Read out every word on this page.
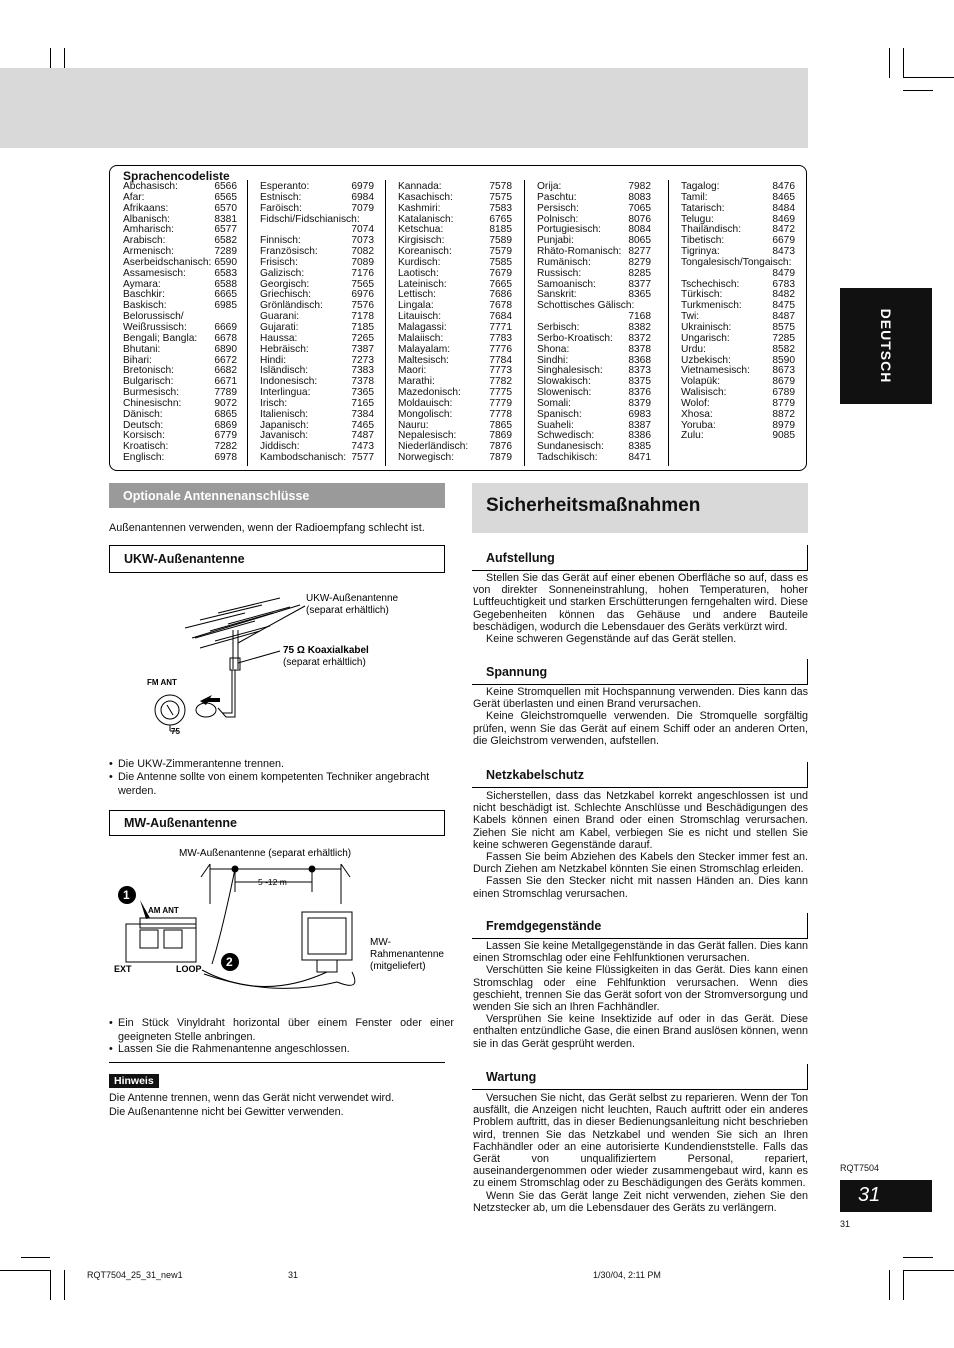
Sprachencodeliste
Abchasisch:	6566
Afar:	6565
Afrikaans:	6570
Albanisch:	8381
Amharisch:	6577
Arabisch:	6582
Armenisch:	7289
Aserbeidschanisch: 6590
Assamesisch:	6583
Aymara:	6588
Baschkir:	6665
Baskisch:	6985
Belorussisch/
Weißrussisch:	6669
Bengali; Bangla: 6678
Bhutani:	6890
Bihari:	6672
Bretonisch:	6682
Bulgarisch:	6671
Burmesisch:	7789
Chinesischn:	9072
Dänisch:	6865
Deutsch:	6869
Korsisch:	6779
Kroatisch:	7282
Englisch:	6978
Esperanto:	6979
Estnisch:	6984
Faröisch:	7079
Fidschi/Fidschianisch:
7074
Finnisch:	7073
Französisch:	7082
Frisisch:	7089
Galizisch:	7176
Georgisch:	7565
Griechisch:	6976
Grönländisch:	7576
Guarani:	7178
Gujarati:	7185
Haussa:	7265
Hebräisch:	7387
Hindi:	7273
Isländisch:	7383
Indonesisch:	7378
Interlingua:	7365
Irisch:	7165
Italienisch:	7384
Japanisch:	7465
Javanisch:	7487
Jiddisch:	7473
Kambodschanisch: 7577
Kannada:	7578
Kasachisch:	7575
Kashmiri:	7583
Katalanisch:	6765
Ketschua:	8185
Kirgisisch:	7589
Koreanisch:	7579
Kurdisch:	7585
Laotisch:	7679
Lateinisch:	7665
Lettisch:	7686
Lingala:	7678
Litauisch:	7684
Malagassi:	7771
Malaiisch:	7783
Malayalam:	7776
Maltesisch:	7784
Maori:	7773
Marathi:	7782
Mazedonisch:	7775
Moldauisch:	7779
Mongolisch:	7778
Nauru:	7865
Nepalesisch:	7869
Niederländisch: 7876
Norwegisch:	7879
Orija:	7982
Paschtu:	8083
Persisch:	7065
Polnisch:	8076
Portugiesisch:	8084
Punjabi:	8065
Rhäto-Romanisch: 8277
Rumänisch:	8279
Russisch:	8285
Samoanisch:	8377
Sanskrit:	8365
Schottisches Gälisch:
7168
Serbisch:	8382
Serbo-Kroatisch: 8372
Shona:	8378
Sindhi:	8368
Singhalesisch:	8373
Slowakisch:	8375
Slowenisch:	8376
Somali:	8379
Spanisch:	6983
Suaheli:	8387
Schwedisch:	8386
Sundanesisch: 8385
Tadschikisch:	8471
Tagalog:	8476
Tamil:	8465
Tatarisch:	8484
Telugu:	8469
Thailändisch:	8472
Tibetisch:	6679
Tigrinya:	8473
Tongalesisch/Tongaisch:
8479
Tschechisch:	6783
Türkisch:	8482
Turkmenisch:	8475
Twi:	8487
Ukrainisch:	8575
Ungarisch:	7285
Urdu:	8582
Uzbekisch:	8590
Vietnamesisch: 8673
Volapük:	8679
Walisisch:	6789
Wolof:	8779
Xhosa:	8872
Yoruba:	8979
Zulu:	9085
DEUTSCH
Optionale Antennenanschlüsse
Außenantennen verwenden, wenn der Radioempfang schlecht ist.
UKW-Außenantenne
UKW-Außenantenne
(separat erhältlich)
75 Ω Koaxialkabel
(separat erhältlich)
FM ANT
75
• Die UKW-Zimmerantenne trennen.
• Die Antenne sollte von einem kompetenten Techniker angebracht werden.
MW-Außenantenne
1
2
MW-Außenantenne (separat erhältlich)
5 -12 m
AM ANT
EXT	LOOP
MW-
Rahmenantenne
(mitgeliefert)
• Ein Stück Vinyldraht horizontal über einem Fenster oder einer geeigneten Stelle anbringen.
• Lassen Sie die Rahmenantenne angeschlossen.
Hinweis
Die Antenne trennen, wenn das Gerät nicht verwendet wird.
Die Außenantenne nicht bei Gewitter verwenden.
Sicherheitsmaßnahmen
Aufstellung

Stellen Sie das Gerät auf einer ebenen Oberfläche so auf, dass es von direkter Sonneneinstrahlung, hohen Temperaturen, hoher Luftfeuchtigkeit und starken Erschütterungen ferngehalten wird. Diese Gegebenheiten können das Gehäuse und andere Bauteile beschädigen, wodurch die Lebensdauer des Geräts verkürzt wird.

Keine schweren Gegenstände auf das Gerät stellen.

Spannung

Keine Stromquellen mit Hochspannung verwenden. Dies kann das Gerät überlasten und einen Brand verursachen.

Keine Gleichstromquelle verwenden. Die Stromquelle sorgfältig prüfen, wenn Sie das Gerät auf einem Schiff oder an anderen Orten, die Gleichstrom verwenden, aufstellen.

Netzkabelschutz

Sicherstellen, dass das Netzkabel korrekt angeschlossen ist und nicht beschädigt ist. Schlechte Anschlüsse und Beschädigungen des Kabels können einen Brand oder einen Stromschlag verursachen. Ziehen Sie nicht am Kabel, verbiegen Sie es nicht und stellen Sie keine schweren Gegenstände darauf.

Fassen Sie beim Abziehen des Kabels den Stecker immer fest an. Durch Ziehen am Netzkabel könnten Sie einen Stromschlag erleiden.

Fassen Sie den Stecker nicht mit nassen Händen an. Dies kann einen Stromschlag verursachen.

Fremdgegenstände

Lassen Sie keine Metallgegenstände in das Gerät fallen. Dies kann einen Stromschlag oder eine Fehlfunktionen verursachen.

Verschütten Sie keine Flüssigkeiten in das Gerät. Dies kann einen Stromschlag oder eine Fehlfunktion verursachen. Wenn dies geschieht, trennen Sie das Gerät sofort von der Stromversorgung und wenden Sie sich an Ihren Fachhändler.

Versprühen Sie keine Insektizide auf oder in das Gerät. Diese enthalten entzündliche Gase, die einen Brand auslösen können, wenn sie in das Gerät gesprüht werden.

Wartung

Versuchen Sie nicht, das Gerät selbst zu reparieren. Wenn der Ton ausfällt, die Anzeigen nicht leuchten, Rauch auftritt oder ein anderes Problem auftritt, das in dieser Bedienungsanleitung nicht beschrieben wird, trennen Sie das Netzkabel und wenden Sie sich an Ihren Fachhändler oder an eine autorisierte Kundendienststelle. Falls das Gerät von unqualifiziertem Personal, repariert, auseinandergenommen oder wieder zusammengebaut wird, kann es zu einem Stromschlag oder zu Beschädigungen des Geräts kommen.

Wenn Sie das Gerät lange Zeit nicht verwenden, ziehen Sie den Netzstecker ab, um die Lebensdauer des Geräts zu verlängern.

RQT7504
31
31
RQT7504_25_31_new1	31	1/30/04, 2:11 PM
